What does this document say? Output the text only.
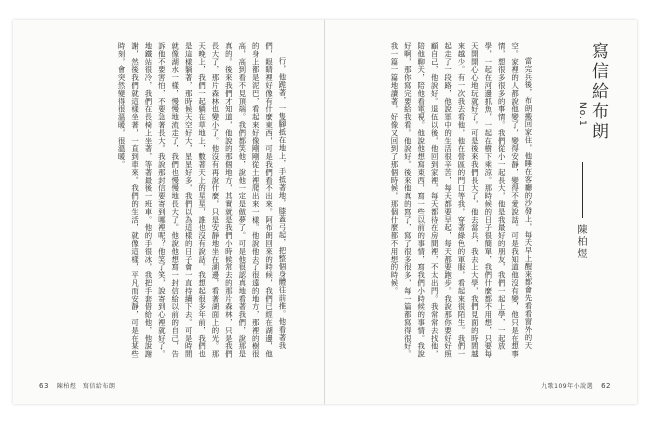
行，他跪著，一隻腳抵在地上，手抵著地，膝蓋弓起，把整個身體往前推。他看著我們，眼睛裡好像有什麼東西，可是我們看不出來。阿布朗回來的時候，我們已經在湖邊，他的身上都是泥巴，看起來好像剛剛從土裡爬出來一樣。他說他去了很遠的地方，那裡的樹很高，高到看不見頂端。我們都笑他，說他一定是做夢了。可是他很認真地看著我們，說那是真的。後來我們才知道，他說的那個地方，其實就是我們小時候常去的那片森林，只是我們長大了，那片森林也變小了。他沒有再說什麼，只是安靜地坐在湖邊，看著湖面上的光。那天晚上，我們一起躺在草地上，數著天上的星星，誰也沒有說話。我想起很多年前，我們也是這樣躺著，那時候天空好大，星星好多，我們以為這樣的日子會一直持續下去。可是時間就像湖水一樣，慢慢地流走了，我們也慢慢地長大了。他說他想寫一封信給以前的自己，告訴他不要害怕，不要急著長大。我說那封信要寄到哪裡呢？他笑了笑，說寄到心裡就好了。地鐵站很冷，我們在長椅上坐著，等著最後一班車。他的手很冰，我把手套借給他，他說謝謝，然後我們就這樣坐著，一直到車來。我們的生活，就像這樣，平凡而安靜，可是在某些時刻，會突然變得很溫暖，很溫暖。

63 陳柏煜　寫信給布朗
寫信給布朗
No.1
陳柏煜

當完兵後，布朗搬回家住，他睡在客廳的沙發上，每天早上醒來都會先看看窗外的天空。家裡的人都說他變了，變得安靜，變得不愛說話。可是我知道他沒有變，他只是在想事情，想很多很多的事情。我們從小一起長大，他是我最好的朋友，我們一起上學，一起放學，一起在河邊抓魚，一起在樹下乘涼。那時候的日子很簡單，我們什麼都不用想，只要每天開開心心地玩就好了。可是後來我們長大了，他去當兵，我去上大學，我們見面的時間越來越少。有一次我去看他，他在營區的門口等我，穿著綠色的軍服，看起來很陌生。我們一起走了一段路，他說軍中的生活很辛苦，每天都要早起，每天都要跑步。我說那你要好好照顧自己，他說好。退伍以後，他回到家裡，每天都待在房間裡，不太出門。我常常去找他，陪他聊天，陪他看電視。他說他想寫東西，寫一些以前的事情，寫我們小時候的事情。我說好啊，那你寫完要給我看。他說好。後來他真的寫了，寫了很多很多，每一篇都寫得很好。我一篇一篇地讀著，好像又回到了那個時候，那個什麼都不用想的時候。

九歌109年小說選 62
